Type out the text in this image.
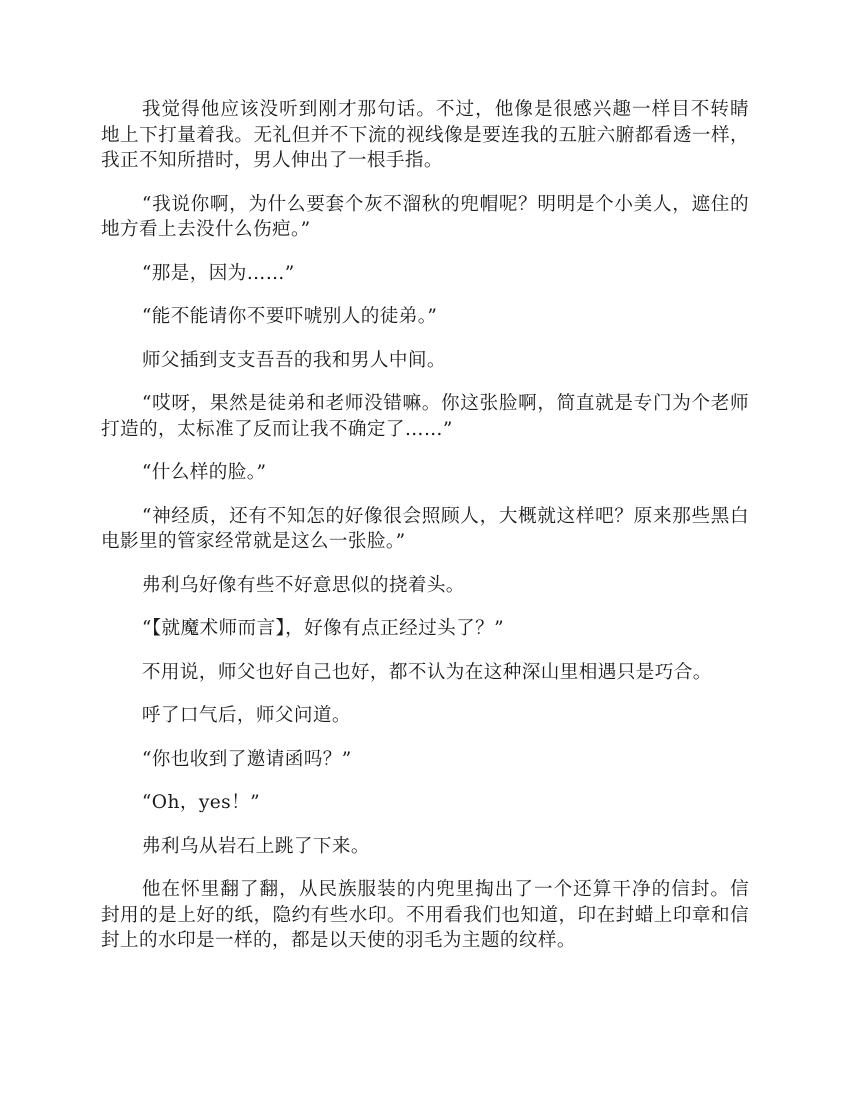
我觉得他应该没听到刚才那句话。不过，他像是很感兴趣一样目不转睛地上下打量着我。无礼但并不下流的视线像是要连我的五脏六腑都看透一样，我正不知所措时，男人伸出了一根手指。

“我说你啊，为什么要套个灰不溜秋的兜帽呢？明明是个小美人，遮住的地方看上去没什么伤疤。”

“那是，因为……”

“能不能请你不要吓唬别人的徒弟。”

师父插到支支吾吾的我和男人中间。

“哎呀，果然是徒弟和老师没错嘛。你这张脸啊，简直就是专门为个老师打造的，太标准了反而让我不确定了……”

“什么样的脸。”

“神经质，还有不知怎的好像很会照顾人，大概就这样吧？原来那些黑白电影里的管家经常就是这么一张脸。”

弗利乌好像有些不好意思似的挠着头。

“【就魔术师而言】，好像有点正经过头了？”

不用说，师父也好自己也好，都不认为在这种深山里相遇只是巧合。

呼了口气后，师父问道。

“你也收到了邀请函吗？”

“Oh，yes！”

弗利乌从岩石上跳了下来。

他在怀里翻了翻，从民族服装的内兜里掏出了一个还算干净的信封。信封用的是上好的纸，隐约有些水印。不用看我们也知道，印在封蜡上印章和信封上的水印是一样的，都是以天使的羽毛为主题的纹样。
